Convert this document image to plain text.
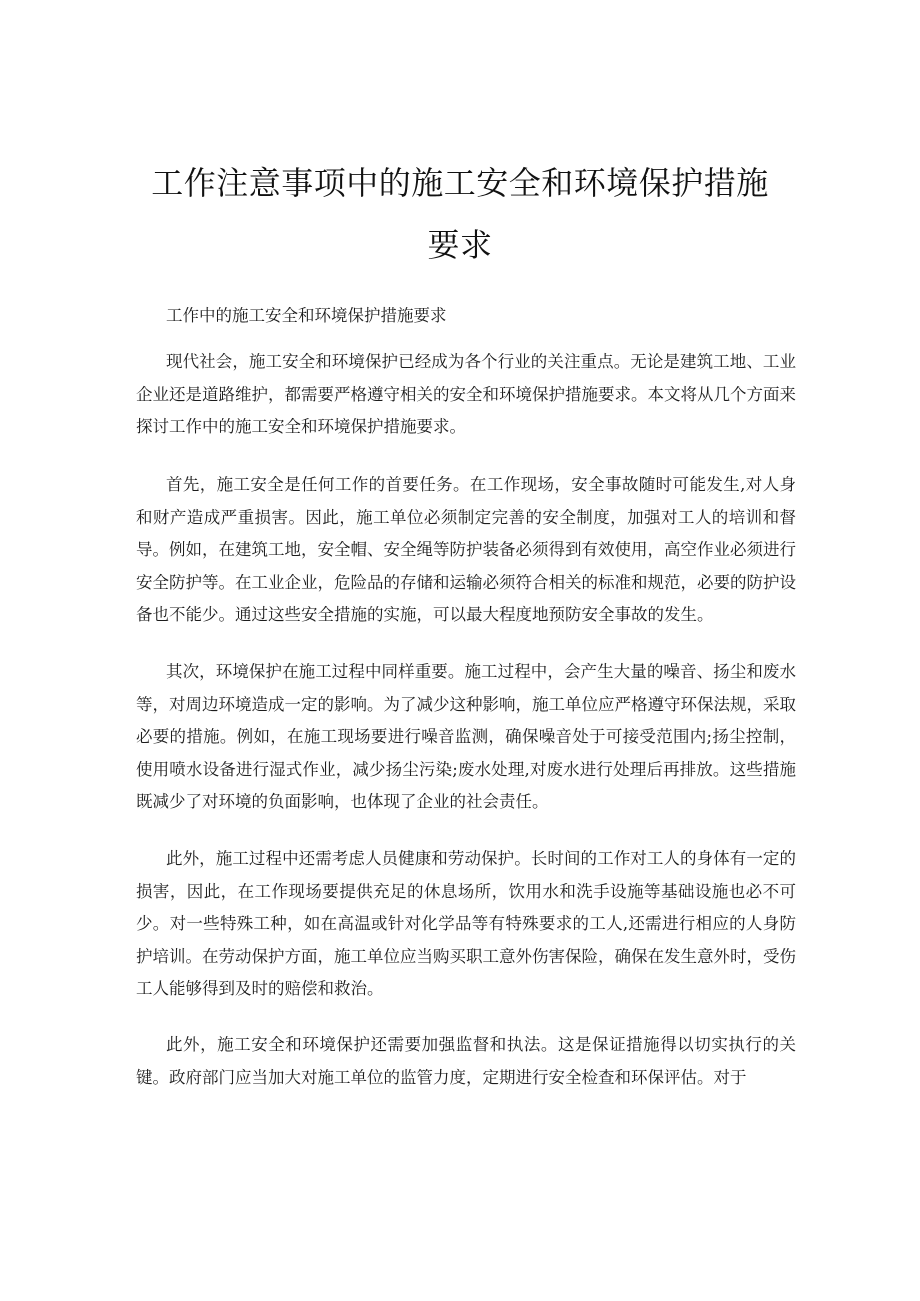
工作注意事项中的施工安全和环境保护措施
要求

工作中的施工安全和环境保护措施要求

现代社会，施工安全和环境保护已经成为各个行业的关注重点。无论是建筑工地、工业企业还是道路维护，都需要严格遵守相关的安全和环境保护措施要求。本文将从几个方面来探讨工作中的施工安全和环境保护措施要求。

首先，施工安全是任何工作的首要任务。在工作现场，安全事故随时可能发生,对人身和财产造成严重损害。因此，施工单位必须制定完善的安全制度，加强对工人的培训和督导。例如，在建筑工地，安全帽、安全绳等防护装备必须得到有效使用，高空作业必须进行安全防护等。在工业企业，危险品的存储和运输必须符合相关的标准和规范，必要的防护设备也不能少。通过这些安全措施的实施，可以最大程度地预防安全事故的发生。

其次，环境保护在施工过程中同样重要。施工过程中，会产生大量的噪音、扬尘和废水等，对周边环境造成一定的影响。为了减少这种影响，施工单位应严格遵守环保法规，采取必要的措施。例如，在施工现场要进行噪音监测，确保噪音处于可接受范围内;扬尘控制，使用喷水设备进行湿式作业，减少扬尘污染;废水处理,对废水进行处理后再排放。这些措施既减少了对环境的负面影响，也体现了企业的社会责任。

此外，施工过程中还需考虑人员健康和劳动保护。长时间的工作对工人的身体有一定的损害，因此，在工作现场要提供充足的休息场所，饮用水和洗手设施等基础设施也必不可少。对一些特殊工种，如在高温或针对化学品等有特殊要求的工人,还需进行相应的人身防护培训。在劳动保护方面，施工单位应当购买职工意外伤害保险，确保在发生意外时，受伤工人能够得到及时的赔偿和救治。

此外，施工安全和环境保护还需要加强监督和执法。这是保证措施得以切实执行的关键。政府部门应当加大对施工单位的监管力度，定期进行安全检查和环保评估。对于
